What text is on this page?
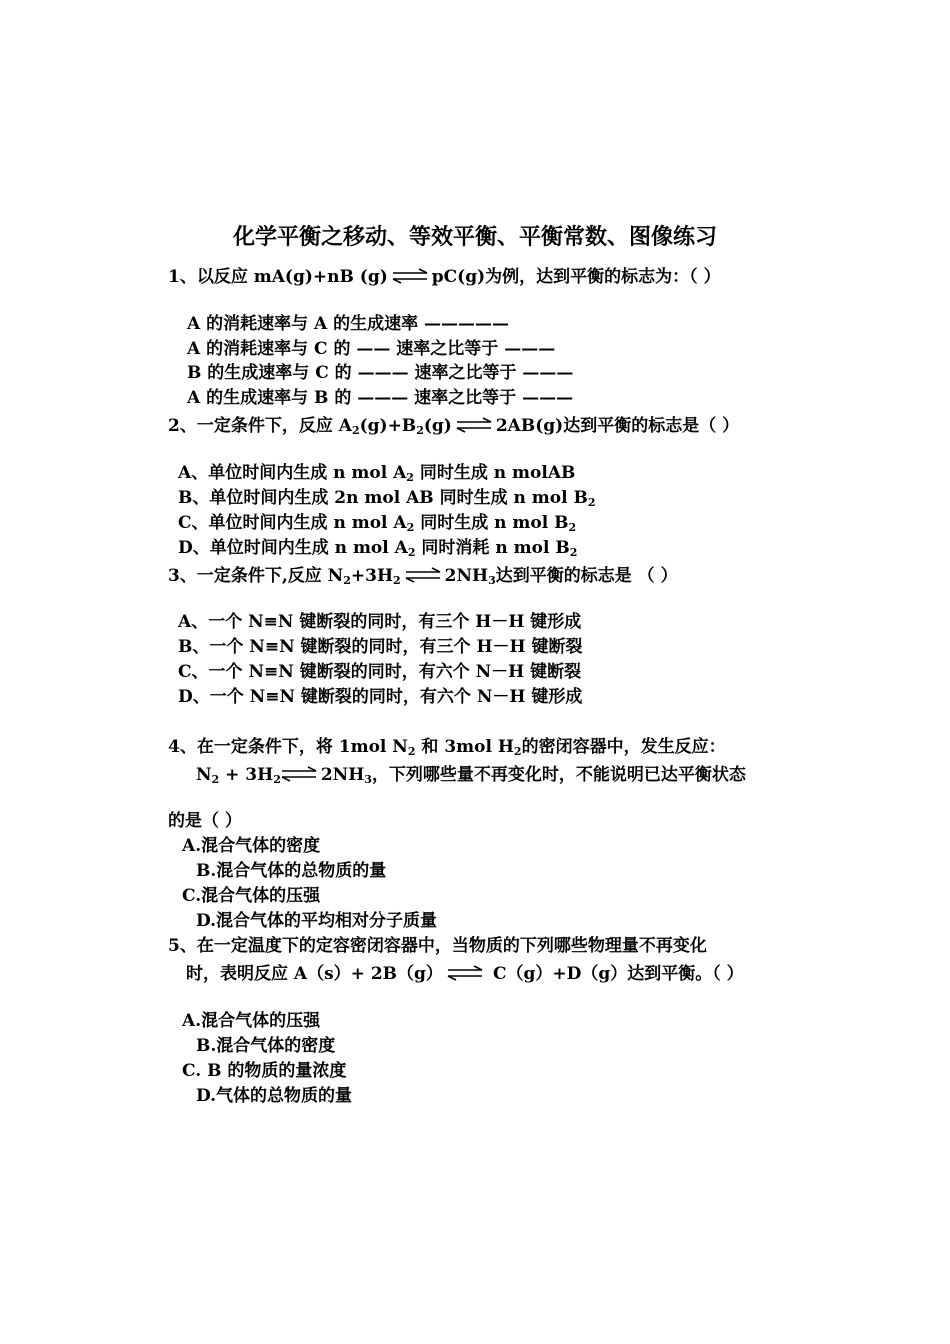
化学平衡之移动、等效平衡、平衡常数、图像练习
1、以反应 mA(g)+nB (g) ⇌ pC(g)为例，达到平衡的标志为：（ ）
A 的消耗速率与 A 的生成速率 —————
A 的消耗速率与 C 的 —— 速率之比等于 ———
B 的生成速率与 C 的 ——— 速率之比等于 ———
A 的生成速率与 B 的 ——— 速率之比等于 ———
2、一定条件下，反应 $A_2(g)+B_2(g)$ ⇌ 2AB(g)达到平衡的标志是（ ）
A、单位时间内生成 n mol $A_2$ 同时生成 n molAB
B、单位时间内生成 2n mol AB 同时生成 n mol $B_2$
C、单位时间内生成 n mol $A_2$ 同时生成 n mol $B_2$
D、单位时间内生成 n mol $A_2$ 同时消耗 n mol $B_2$
3、一定条件下,反应 $N_2+3H_2$ ⇌ $2NH_3$达到平衡的标志是 （ ）
A、一个 N≡N 键断裂的同时，有三个 H－H 键形成
B、一个 N≡N 键断裂的同时，有三个 H－H 键断裂
C、一个 N≡N 键断裂的同时，有六个 N－H 键断裂
D、一个 N≡N 键断裂的同时，有六个 N－H 键形成
4、在一定条件下，将 1mol $N_2$ 和 3mol $H_2$的密闭容器中，发生反应：
$N_2$ + $3H_2\rightleftharpoons$ $2NH_3$，下列哪些量不再变化时，不能说明已达平衡状态
的是（ ）
A.混合气体的密度
B.混合气体的总物质的量
C.混合气体的压强
D.混合气体的平均相对分子质量
5、在一定温度下的定容密闭容器中，当物质的下列哪些物理量不再变化
时，表明反应 A（s）+ 2B（g） ⇌ C（g）+D（g）达到平衡。（ ）
A.混合气体的压强
B.混合气体的密度
C. B 的物质的量浓度
D.气体的总物质的量
